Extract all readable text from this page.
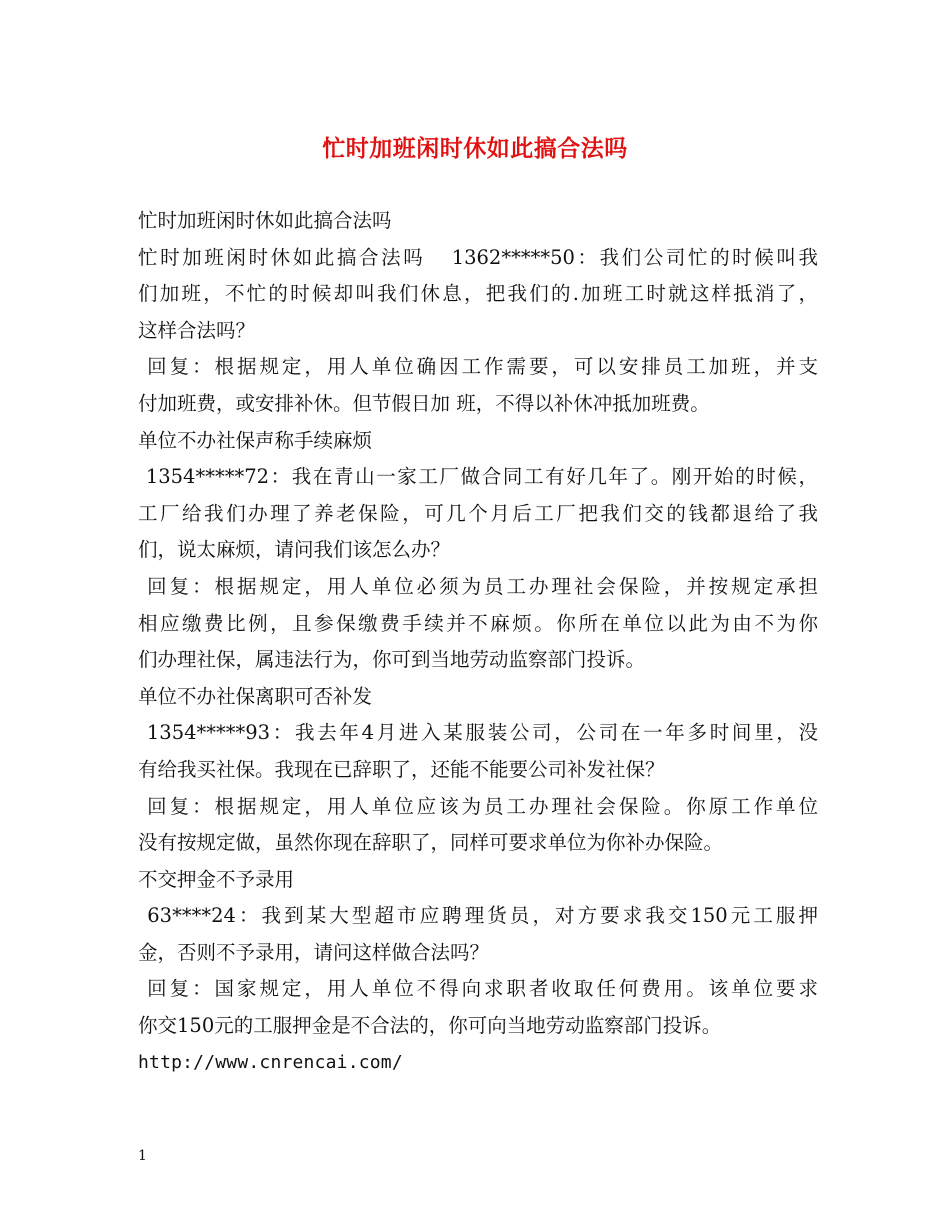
忙时加班闲时休如此搞合法吗
忙时加班闲时休如此搞合法吗
忙时加班闲时休如此搞合法吗   1362*****50：我们公司忙的时候叫我
们加班，不忙的时候却叫我们休息，把我们的.加班工时就这样抵消了，
这样合法吗？
回复：根据规定，用人单位确因工作需要，可以安排员工加班，并支
付加班费，或安排补休。但节假日加 班，不得以补休冲抵加班费。
单位不办社保声称手续麻烦
1354*****72：我在青山一家工厂做合同工有好几年了。刚开始的时候，
工厂给我们办理了养老保险，可几个月后工厂把我们交的钱都退给了我
们，说太麻烦，请问我们该怎么办？
回复：根据规定，用人单位必须为员工办理社会保险，并按规定承担
相应缴费比例，且参保缴费手续并不麻烦。你所在单位以此为由不为你
们办理社保，属违法行为，你可到当地劳动监察部门投诉。
单位不办社保离职可否补发
1354*****93：我去年4月进入某服装公司，公司在一年多时间里，没
有给我买社保。我现在已辞职了，还能不能要公司补发社保？
回复：根据规定，用人单位应该为员工办理社会保险。你原工作单位
没有按规定做，虽然你现在辞职了，同样可要求单位为你补办保险。
不交押金不予录用
63****24：我到某大型超市应聘理货员，对方要求我交150元工服押
金，否则不予录用，请问这样做合法吗？
回复：国家规定，用人单位不得向求职者收取任何费用。该单位要求
你交150元的工服押金是不合法的，你可向当地劳动监察部门投诉。
http://www.cnrencai.com/
1
